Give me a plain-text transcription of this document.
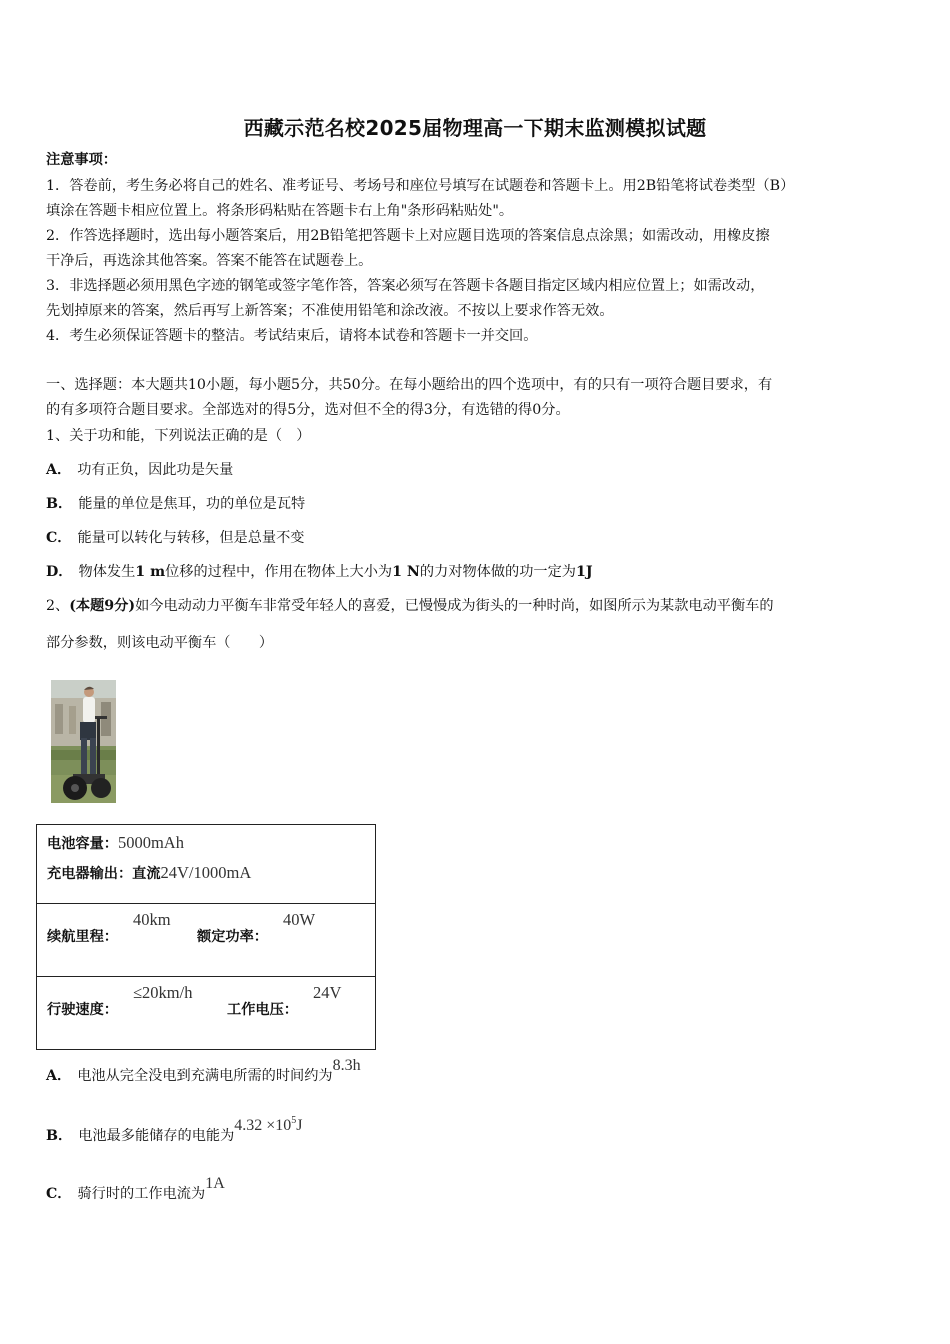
西藏示范名校2025届物理高一下期末监测模拟试题
注意事项：
1．答卷前，考生务必将自己的姓名、准考证号、考场号和座位号填写在试题卷和答题卡上。用2B铅笔将试卷类型（B）
填涂在答题卡相应位置上。将条形码粘贴在答题卡右上角"条形码粘贴处"。
2．作答选择题时，选出每小题答案后，用2B铅笔把答题卡上对应题目选项的答案信息点涂黑；如需改动，用橡皮擦
干净后，再选涂其他答案。答案不能答在试题卷上。
3．非选择题必须用黑色字迹的钢笔或签字笔作答，答案必须写在答题卡各题目指定区域内相应位置上；如需改动，
先划掉原来的答案，然后再写上新答案；不准使用铅笔和涂改液。不按以上要求作答无效。
4．考生必须保证答题卡的整洁。考试结束后，请将本试卷和答题卡一并交回。
一、选择题：本大题共10小题，每小题5分，共50分。在每小题给出的四个选项中，有的只有一项符合题目要求，有
的有多项符合题目要求。全部选对的得5分，选对但不全的得3分，有选错的得0分。
1、关于功和能，下列说法正确的是（　）
A． 功有正负，因此功是矢量
B． 能量的单位是焦耳，功的单位是瓦特
C． 能量可以转化与转移，但是总量不变
D． 物体发生1 m位移的过程中，作用在物体上大小为1 N的力对物体做的功一定为1J
2、(本题9分)如今电动动力平衡车非常受年轻人的喜爱，已慢慢成为街头的一种时尚，如图所示为某款电动平衡车的
部分参数，则该电动平衡车（　　）
电池容量：5000mAh
充电器输出：直流24V/1000mA

续航里程：
40km
额定功率：
40W

行驶速度：
≤20km/h
工作电压：
24V
A． 电池从完全没电到充满电所需的时间约为8.3h
B． 电池最多能储存的电能为$4.32 \times 10^5J$
C． 骑行时的工作电流为1A
